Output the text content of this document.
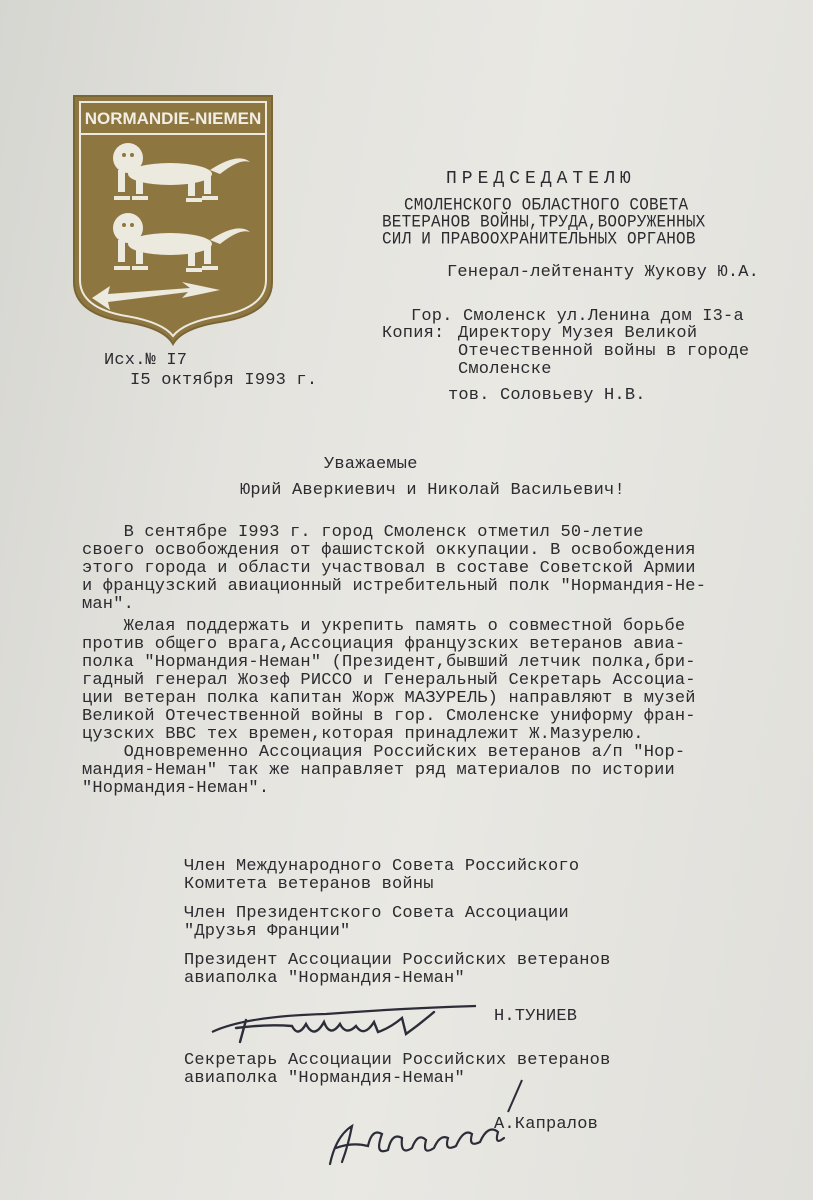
NORMANDIE-NIEMEN
Исх.№ I7
I5 октября I993 г.
ПРЕДСЕДАТЕЛЮ
СМОЛЕНСКОГО ОБЛАСТНОГО СОВЕТА
ВЕТЕРАНОВ ВОЙНЫ,ТРУДА,ВООРУЖЕННЫХ
СИЛ И ПРАВООХРАНИТЕЛЬНЫХ ОРГАНОВ
Генерал-лейтенанту Жукову Ю.А.
Гор. Смоленск ул.Ленина дом I3-а
Копия: Директору Музея Великой
Отечественной войны в городе
Смоленске
тов. Соловьеву Н.В.
Уважаемые
Юрий Аверкиевич и Николай Васильевич!
В сентябре I993 г. город Смоленск отметил 50-летие
своего освобождения от фашистской оккупации. В освобождения
этого города и области участвовал в составе Советской Армии
и французский авиационный истребительный полк "Нормандия-Не-
ман".
Желая поддержать и укрепить память о совместной борьбе
против общего врага,Ассоциация французских ветеранов авиа-
полка "Нормандия-Неман" (Президент,бывший летчик полка,бри-
гадный генерал Жозеф РИССО и Генеральный Секретарь Ассоциа-
ции ветеран полка капитан Жорж МАЗУРЕЛЬ) направляют в музей
Великой Отечественной войны в гор. Смоленске униформу фран-
цузских ВВС тех времен,которая принадлежит Ж.Мазурелю.
Одновременно Ассоциация Российских ветеранов а/п "Нор-
мандия-Неман" так же направляет ряд материалов по истории
"Нормандия-Неман".
Член Международного Совета Российского
Комитета ветеранов войны
Член Президентского Совета Ассоциации
"Друзья Франции"
Президент Ассоциации Российских ветеранов
авиаполка "Нормандия-Неман"
Н.ТУНИЕВ
Секретарь Ассоциации Российских ветеранов
авиаполка "Нормандия-Неман"
А.Капралов
